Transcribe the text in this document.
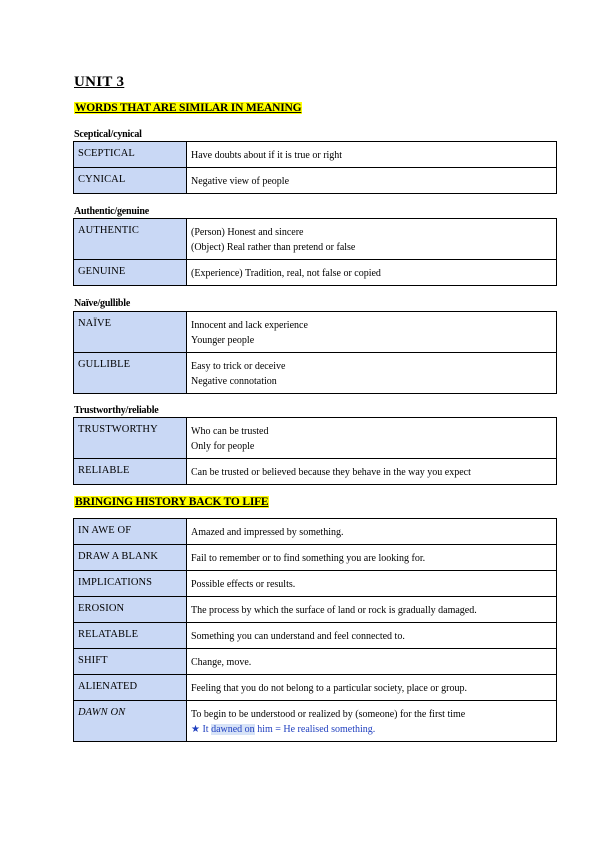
UNIT 3
WORDS THAT ARE SIMILAR IN MEANING
Sceptical/cynical
SCEPTICAL	Have doubts about if it is true or right

CYNICAL	Negative view of people
Authentic/genuine
AUTHENTIC	(Person) Honest and sincere
(Object) Real rather than pretend or false

GENUINE	(Experience) Tradition, real, not false or copied
Naïve/gullible
NAÏVE	Innocent and lack experience
Younger people

GULLIBLE	Easy to trick or deceive
Negative connotation
Trustworthy/reliable
TRUSTWORTHY	Who can be trusted
Only for people

RELIABLE	Can be trusted or believed because they behave in the way you expect
BRINGING HISTORY BACK TO LIFE
IN AWE OF	Amazed and impressed by something.
DRAW A BLANK	Fail to remember or to find something you are looking for.
IMPLICATIONS	Possible effects or results.
EROSION	The process by which the surface of land or rock is gradually damaged.
RELATABLE	Something you can understand and feel connected to.
SHIFT	Change, move.
ALIENATED	Feeling that you do not belong to a particular society, place or group.
DAWN ON	To begin to be understood or realized by (someone) for the first time
★ It dawned on him = He realised something.
